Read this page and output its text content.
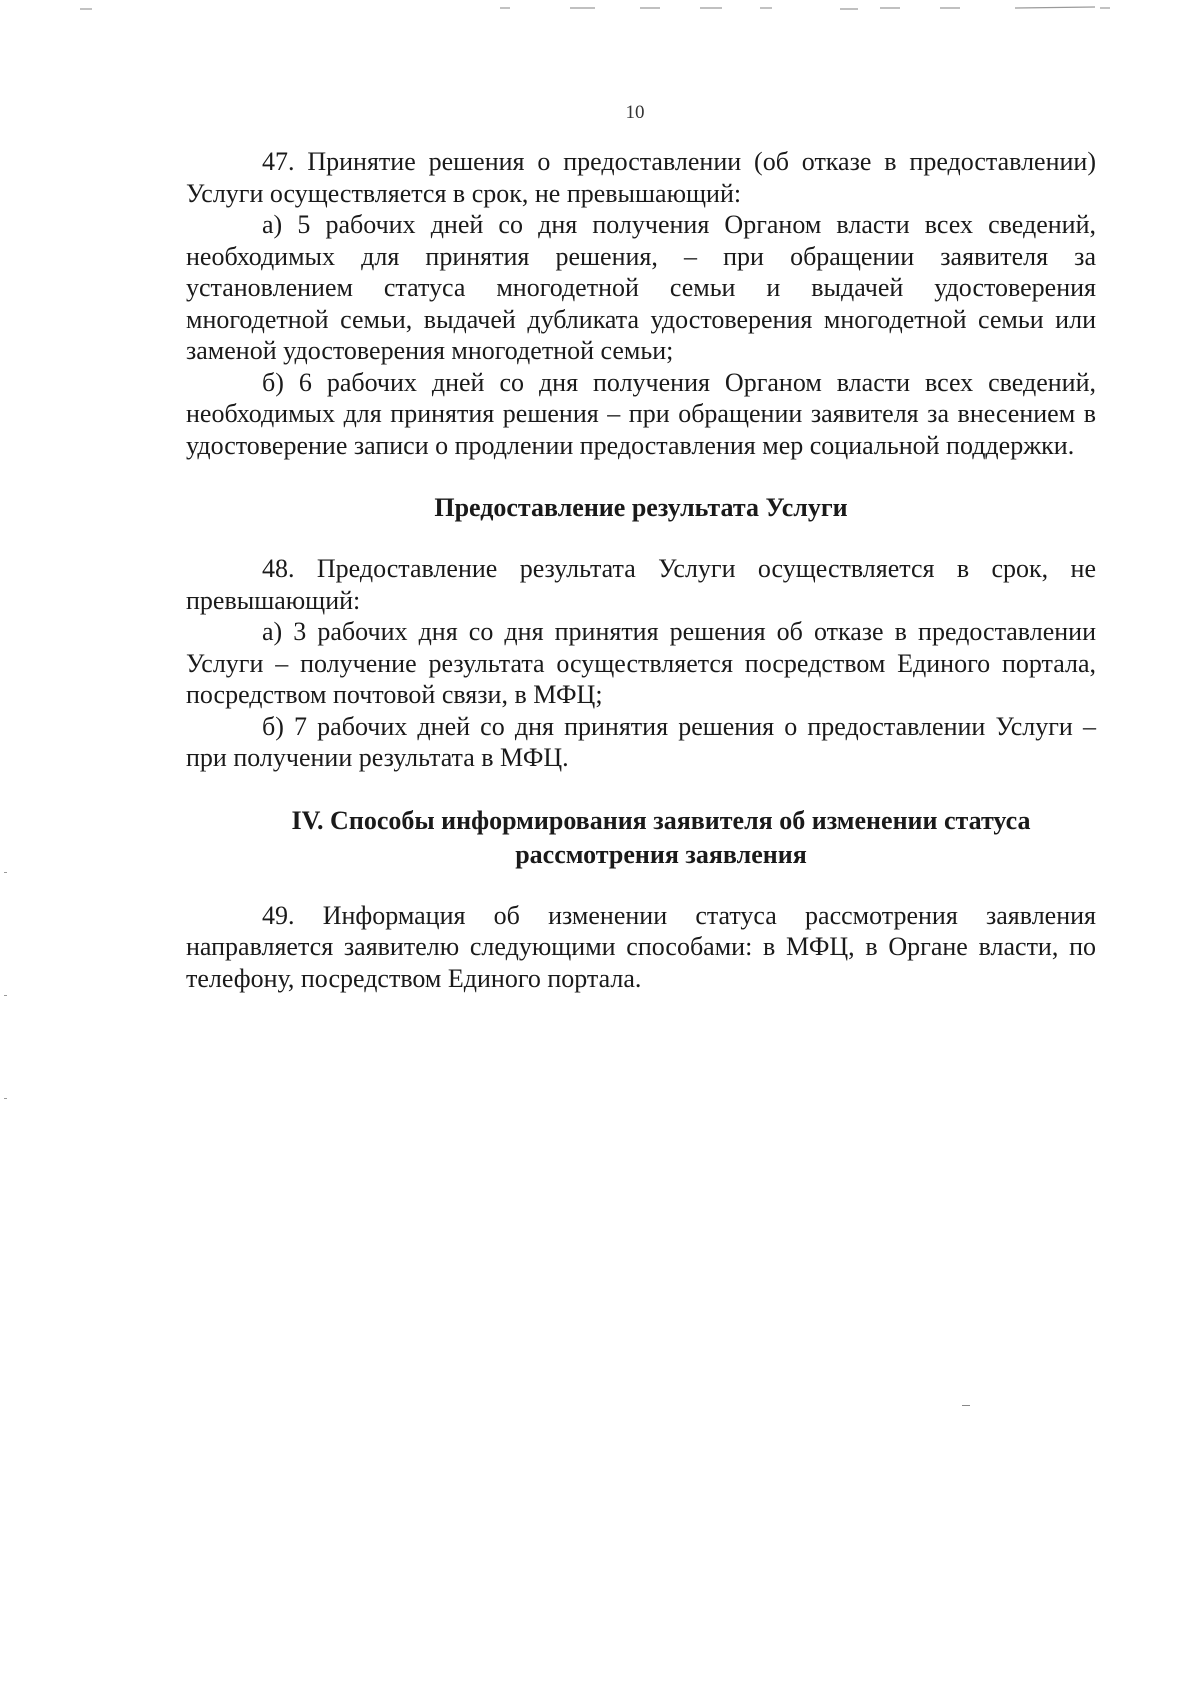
10

47. Принятие решения о предоставлении (об отказе в предоставлении) Услуги осуществляется в срок, не превышающий:

а) 5 рабочих дней со дня получения Органом власти всех сведений, необходимых для принятия решения, – при обращении заявителя за установлением статуса многодетной семьи и выдачей удостоверения многодетной семьи, выдачей дубликата удостоверения многодетной семьи или заменой удостоверения многодетной семьи;

б) 6 рабочих дней со дня получения Органом власти всех сведений, необходимых для принятия решения – при обращении заявителя за внесением в удостоверение записи о продлении предоставления мер социальной поддержки.

Предоставление результата Услуги

48. Предоставление результата Услуги осуществляется в срок, не превышающий:

а) 3 рабочих дня со дня принятия решения об отказе в предоставлении Услуги – получение результата осуществляется посредством Единого портала, посредством почтовой связи, в МФЦ;

б) 7 рабочих дней со дня принятия решения о предоставлении Услуги – при получении результата в МФЦ.

IV. Способы информирования заявителя об изменении статуса рассмотрения заявления

49. Информация об изменении статуса рассмотрения заявления направляется заявителю следующими способами: в МФЦ, в Органе власти, по телефону, посредством Единого портала.
